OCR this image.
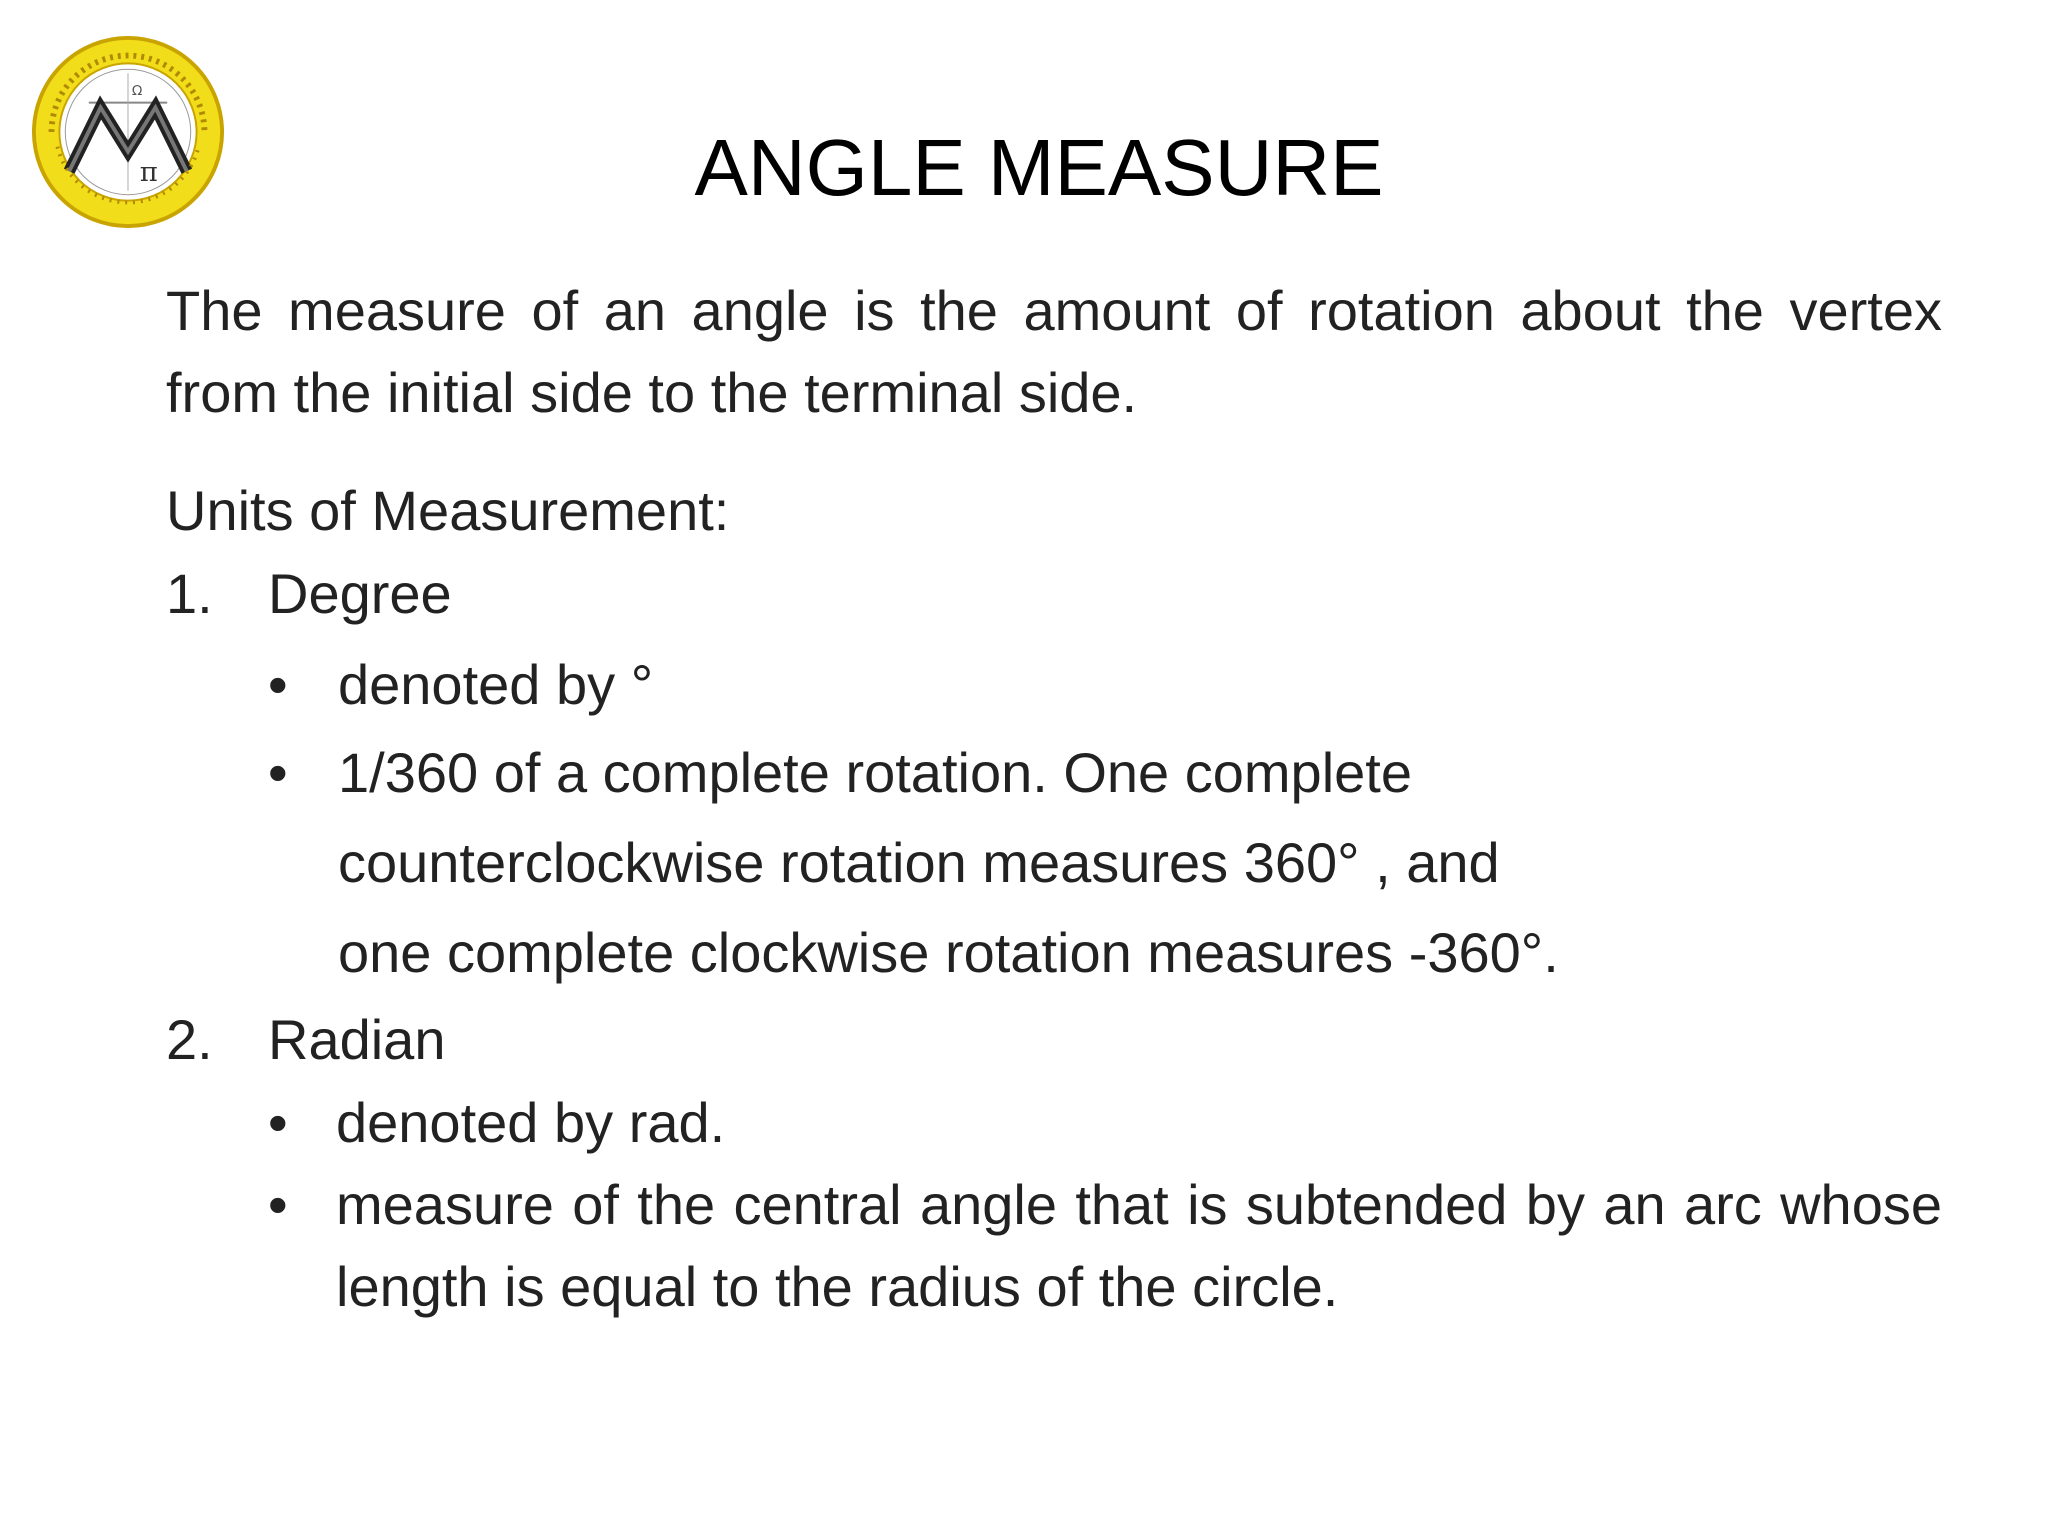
π
Ω
ANGLE MEASURE

The measure of an angle is the amount of rotation about the vertex from the initial side to the terminal side.

Units of Measurement:

1. Degree
• denoted by °
• 1/360 of a complete rotation. One complete counterclockwise rotation measures 360° , and one complete clockwise rotation measures -360°.
2. Radian
• denoted by rad.
• measure of the central angle that is subtended by an arc whose length is equal to the radius of the circle.
